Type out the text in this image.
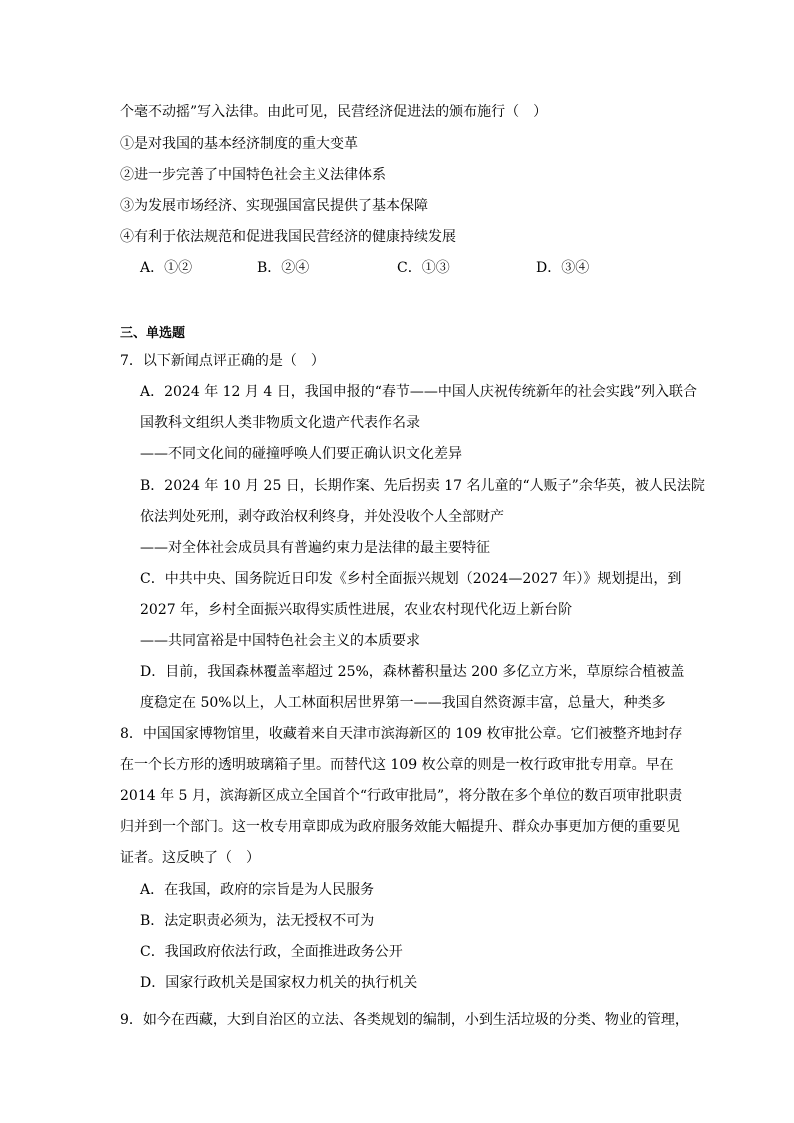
个毫不动摇”写入法律。由此可见，民营经济促进法的颁布施行（　）
①是对我国的基本经济制度的重大变革
②进一步完善了中国特色社会主义法律体系
③为发展市场经济、实现强国富民提供了基本保障
④有利于依法规范和促进我国民营经济的健康持续发展
A．①②	B．②④	C．①③	D．③④
三、单选题
7．以下新闻点评正确的是（　）
A．2024 年 12 月 4 日，我国申报的“春节——中国人庆祝传统新年的社会实践”列入联合
国教科文组织人类非物质文化遗产代表作名录
——不同文化间的碰撞呼唤人们要正确认识文化差异
B．2024 年 10 月 25 日，长期作案、先后拐卖 17 名儿童的“人贩子”余华英，被人民法院
依法判处死刑，剥夺政治权利终身，并处没收个人全部财产
——对全体社会成员具有普遍约束力是法律的最主要特征
C．中共中央、国务院近日印发《乡村全面振兴规划（2024—2027 年）》规划提出，到
2027 年，乡村全面振兴取得实质性进展，农业农村现代化迈上新台阶
——共同富裕是中国特色社会主义的本质要求
D．目前，我国森林覆盖率超过 25%，森林蓄积量达 200 多亿立方米，草原综合植被盖
度稳定在 50%以上，人工林面积居世界第一——我国自然资源丰富，总量大，种类多
8．中国国家博物馆里，收藏着来自天津市滨海新区的 109 枚审批公章。它们被整齐地封存
在一个长方形的透明玻璃箱子里。而替代这 109 枚公章的则是一枚行政审批专用章。早在
2014 年 5 月，滨海新区成立全国首个“行政审批局”，将分散在多个单位的数百项审批职责
归并到一个部门。这一枚专用章即成为政府服务效能大幅提升、群众办事更加方便的重要见
证者。这反映了（　）
A．在我国，政府的宗旨是为人民服务
B．法定职责必须为，法无授权不可为
C．我国政府依法行政，全面推进政务公开
D．国家行政机关是国家权力机关的执行机关
9．如今在西藏，大到自治区的立法、各类规划的编制，小到生活垃圾的分类、物业的管理，
